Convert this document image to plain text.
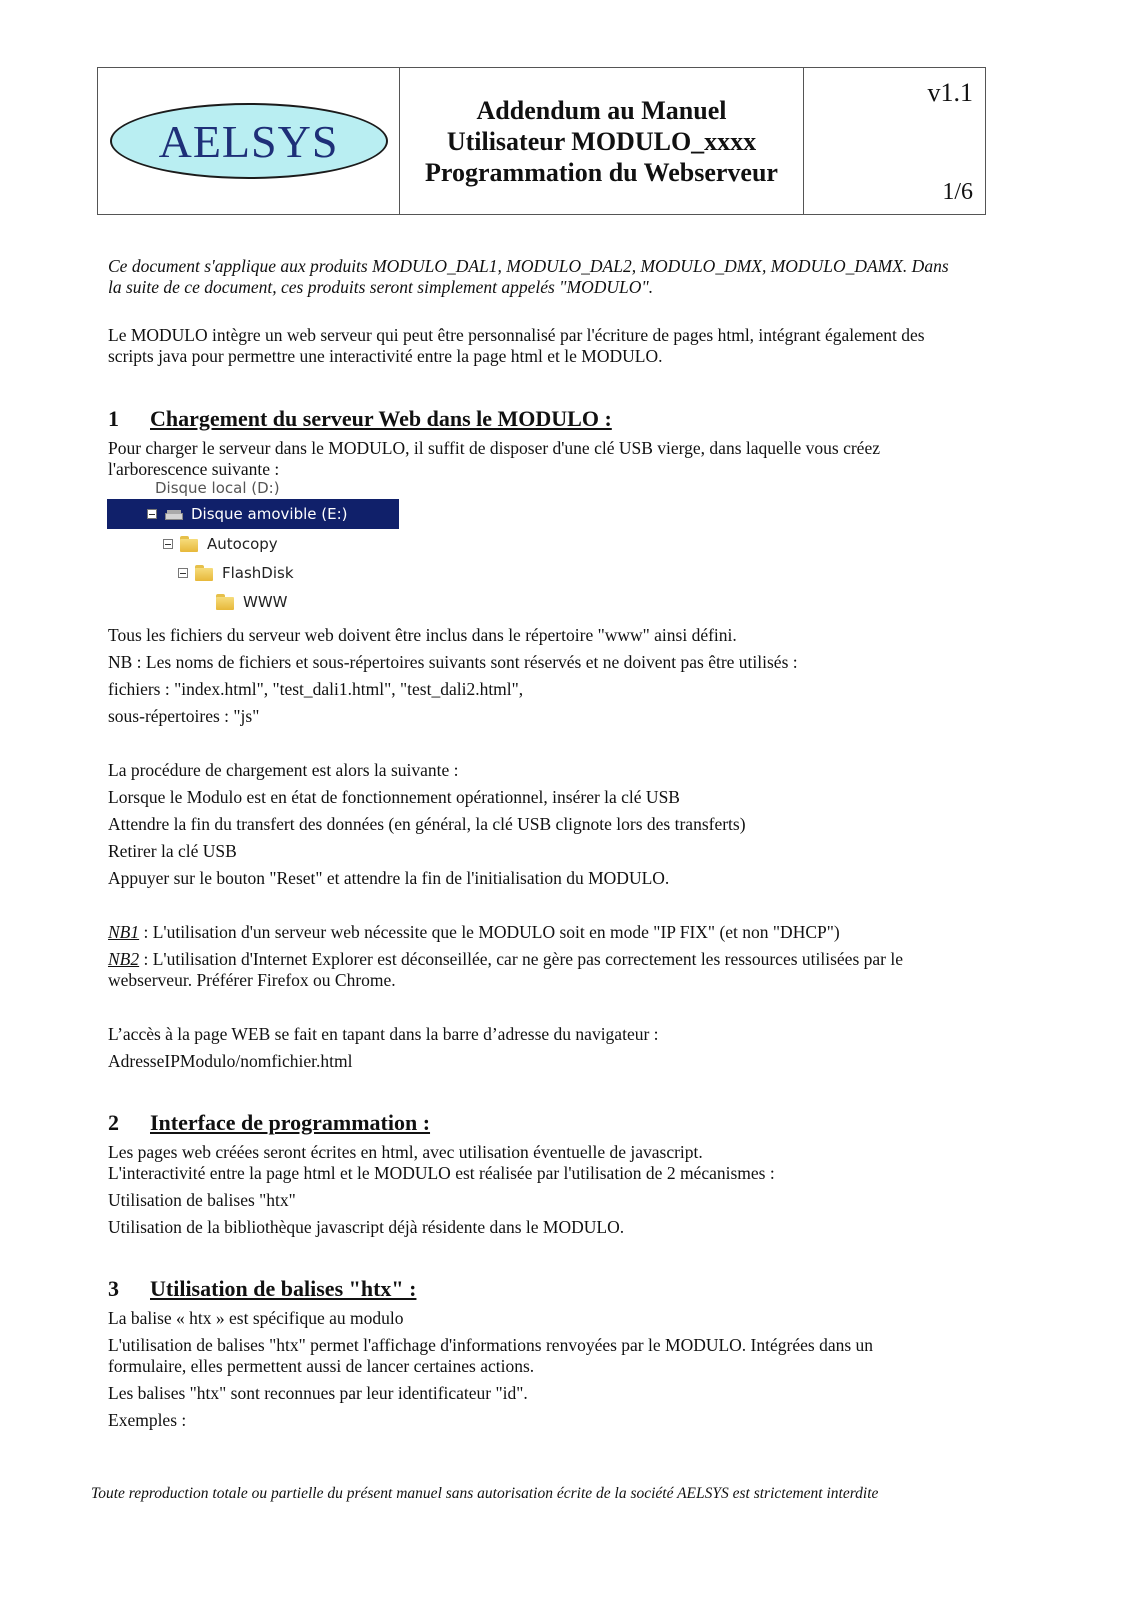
AELSYS
Addendum au Manuel
Utilisateur MODULO_xxxx
Programmation du Webserveur
v1.1
1/6
Ce document s'applique aux produits MODULO_DAL1, MODULO_DAL2, MODULO_DMX, MODULO_DAMX. Dans
la suite de ce document, ces produits seront simplement appelés "MODULO".
Le MODULO intègre un web serveur qui peut être personnalisé par l'écriture de pages html, intégrant également des
scripts java pour permettre une interactivité entre la page html et le MODULO.
1 Chargement du serveur Web dans le MODULO :
Pour charger le serveur dans le MODULO, il suffit de disposer d'une clé USB vierge, dans laquelle vous créez
l'arborescence suivante :
Disque local (D:)
Disque amovible (E:)
Autocopy
FlashDisk
WWW
Tous les fichiers du serveur web doivent être inclus dans le répertoire "www" ainsi défini.
NB : Les noms de fichiers et sous-répertoires suivants sont réservés et ne doivent pas être utilisés :
fichiers : "index.html", "test_dali1.html", "test_dali2.html",
sous-répertoires : "js"
La procédure de chargement est alors la suivante :
Lorsque le Modulo est en état de fonctionnement opérationnel, insérer la clé USB
Attendre la fin du transfert des données (en général, la clé USB clignote lors des transferts)
Retirer la clé USB
Appuyer sur le bouton "Reset" et attendre la fin de l'initialisation du MODULO.
NB1 : L'utilisation d'un serveur web nécessite que le MODULO soit en mode "IP FIX" (et non "DHCP")
NB2 : L'utilisation d'Internet Explorer est déconseillée, car ne gère pas correctement les ressources utilisées par le
webserveur. Préférer Firefox ou Chrome.
L’accès à la page WEB se fait en tapant dans la barre d’adresse du navigateur :
AdresseIPModulo/nomfichier.html
2 Interface de programmation :
Les pages web créées seront écrites en html, avec utilisation éventuelle de javascript.
L'interactivité entre la page html et le MODULO est réalisée par l'utilisation de 2 mécanismes :
Utilisation de balises "htx"
Utilisation de la bibliothèque javascript déjà résidente dans le MODULO.
3 Utilisation de balises "htx" :
La balise « htx » est spécifique au modulo
L'utilisation de balises "htx" permet l'affichage d'informations renvoyées par le MODULO. Intégrées dans un
formulaire, elles permettent aussi de lancer certaines actions.
Les balises "htx" sont reconnues par leur identificateur "id".
Exemples :
Toute reproduction totale ou partielle du présent manuel sans autorisation écrite de la société AELSYS est strictement interdite
